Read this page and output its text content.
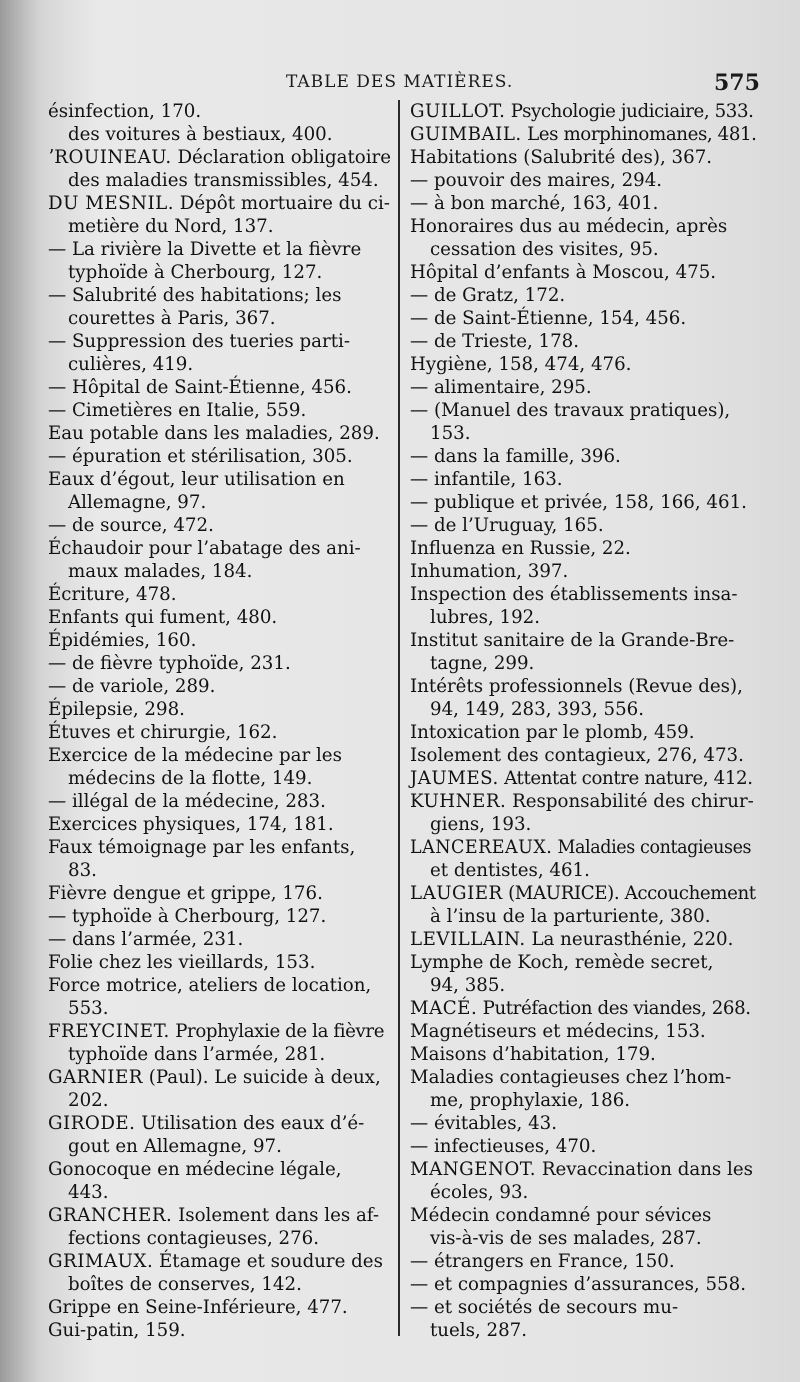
TABLE DES MATIÈRES.	575
ésinfection, 170.
des voitures à bestiaux, 400.
ʼROUINEAU. Déclaration obligatoire
des maladies transmissibles, 454.
DU MESNIL. Dépôt mortuaire du ci-
metière du Nord, 137.
— La rivière la Divette et la fièvre
typhoïde à Cherbourg, 127.
— Salubrité des habitations; les
courettes à Paris, 367.
— Suppression des tueries parti-
culières, 419.
— Hôpital de Saint-Étienne, 456.
— Cimetières en Italie, 559.
Eau potable dans les maladies, 289.
— épuration et stérilisation, 305.
Eaux d’égout, leur utilisation en
Allemagne, 97.
— de source, 472.
Échaudoir pour l’abatage des ani-
maux malades, 184.
Écriture, 478.
Enfants qui fument, 480.
Épidémies, 160.
— de fièvre typhoïde, 231.
— de variole, 289.
Épilepsie, 298.
Étuves et chirurgie, 162.
Exercice de la médecine par les
médecins de la flotte, 149.
— illégal de la médecine, 283.
Exercices physiques, 174, 181.
Faux témoignage par les enfants,
83.
Fièvre dengue et grippe, 176.
— typhoïde à Cherbourg, 127.
— dans l’armée, 231.
Folie chez les vieillards, 153.
Force motrice, ateliers de location,
553.
FREYCINET. Prophylaxie de la fièvre
typhoïde dans l’armée, 281.
GARNIER (Paul). Le suicide à deux,
202.
GIRODE. Utilisation des eaux d’é-
gout en Allemagne, 97.
Gonocoque en médecine légale,
443.
GRANCHER. Isolement dans les af-
fections contagieuses, 276.
GRIMAUX. Étamage et soudure des
boîtes de conserves, 142.
Grippe en Seine-Inférieure, 477.
Gui-patin, 159.
GUILLOT. Psychologie judiciaire, 533.
GUIMBAIL. Les morphinomanes, 481.
Habitations (Salubrité des), 367.
— pouvoir des maires, 294.
— à bon marché, 163, 401.
Honoraires dus au médecin, après
cessation des visites, 95.
Hôpital d’enfants à Moscou, 475.
— de Gratz, 172.
— de Saint-Étienne, 154, 456.
— de Trieste, 178.
Hygiène, 158, 474, 476.
— alimentaire, 295.
— (Manuel des travaux pratiques),
153.
— dans la famille, 396.
— infantile, 163.
— publique et privée, 158, 166, 461.
— de l’Uruguay, 165.
Influenza en Russie, 22.
Inhumation, 397.
Inspection des établissements insa-
lubres, 192.
Institut sanitaire de la Grande-Bre-
tagne, 299.
Intérêts professionnels (Revue des),
94, 149, 283, 393, 556.
Intoxication par le plomb, 459.
Isolement des contagieux, 276, 473.
JAUMES. Attentat contre nature, 412.
KUHNER. Responsabilité des chirur-
giens, 193.
LANCEREAUX. Maladies contagieuses
et dentistes, 461.
LAUGIER (MAURICE). Accouchement
à l’insu de la parturiente, 380.
LEVILLAIN. La neurasthénie, 220.
Lymphe de Koch, remède secret,
94, 385.
MACÉ. Putréfaction des viandes, 268.
Magnétiseurs et médecins, 153.
Maisons d’habitation, 179.
Maladies contagieuses chez l’hom-
me, prophylaxie, 186.
— évitables, 43.
— infectieuses, 470.
MANGENOT. Revaccination dans les
écoles, 93.
Médecin condamné pour sévices
vis-à-vis de ses malades, 287.
— étrangers en France, 150.
— et compagnies d’assurances, 558.
— et sociétés de secours mu-
tuels, 287.
